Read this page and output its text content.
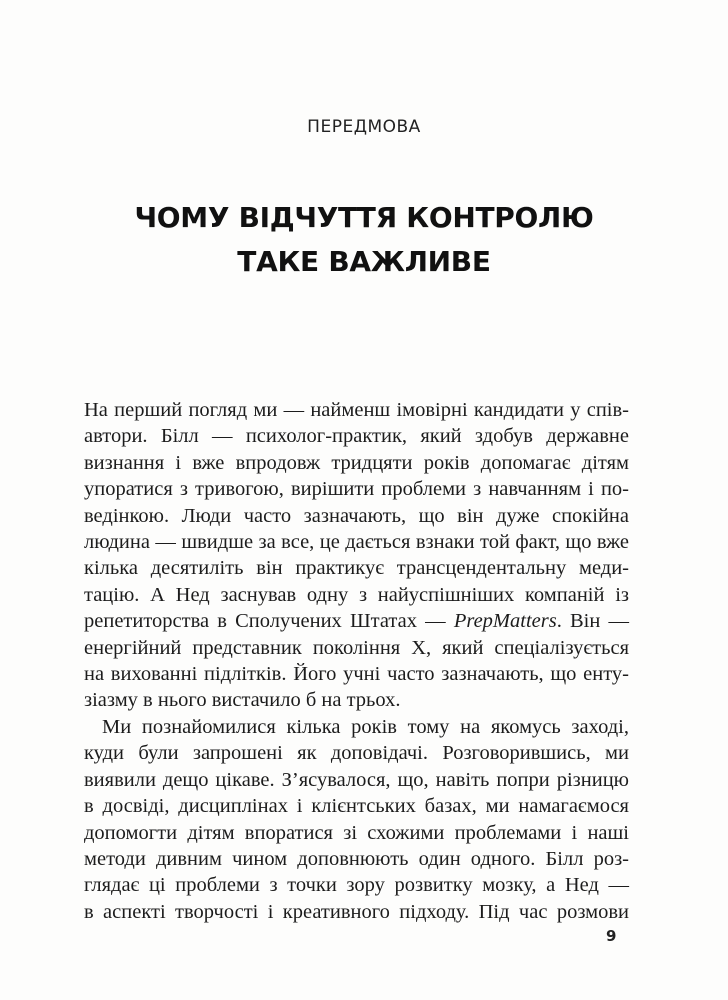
ПЕРЕДМОВА
ЧОМУ ВІДЧУТТЯ КОНТРОЛЮ
ТАКЕ ВАЖЛИВЕ

На перший погляд ми — найменш імовірні кандидати у спів-
автори. Білл — психолог-практик, який здобув державне
визнання і вже впродовж тридцяти років допомагає дітям
упоратися з тривогою, вирішити проблеми з навчанням і по-
ведінкою. Люди часто зазначають, що він дуже спокійна
людина — швидше за все, це дається взнаки той факт, що вже
кілька десятиліть він практикує трансцендентальну меди-
тацію. А Нед заснував одну з найуспішніших компаній із
репетиторства в Сполучених Штатах — PrepMatters. Він —
енергійний представник покоління Х, який спеціалізується
на вихованні підлітків. Його учні часто зазначають, що енту-
зіазму в нього вистачило б на трьох.

Ми познайомилися кілька років тому на якомусь заході,
куди були запрошені як доповідачі. Розговорившись, ми
виявили дещо цікаве. З’ясувалося, що, навіть попри різницю
в досвіді, дисциплінах і клієнтських базах, ми намагаємося
допомогти дітям впоратися зі схожими проблемами і наші
методи дивним чином доповнюють один одного. Білл роз-
глядає ці проблеми з точки зору розвитку мозку, а Нед —
в аспекті творчості і креативного підходу. Під час розмови

9
